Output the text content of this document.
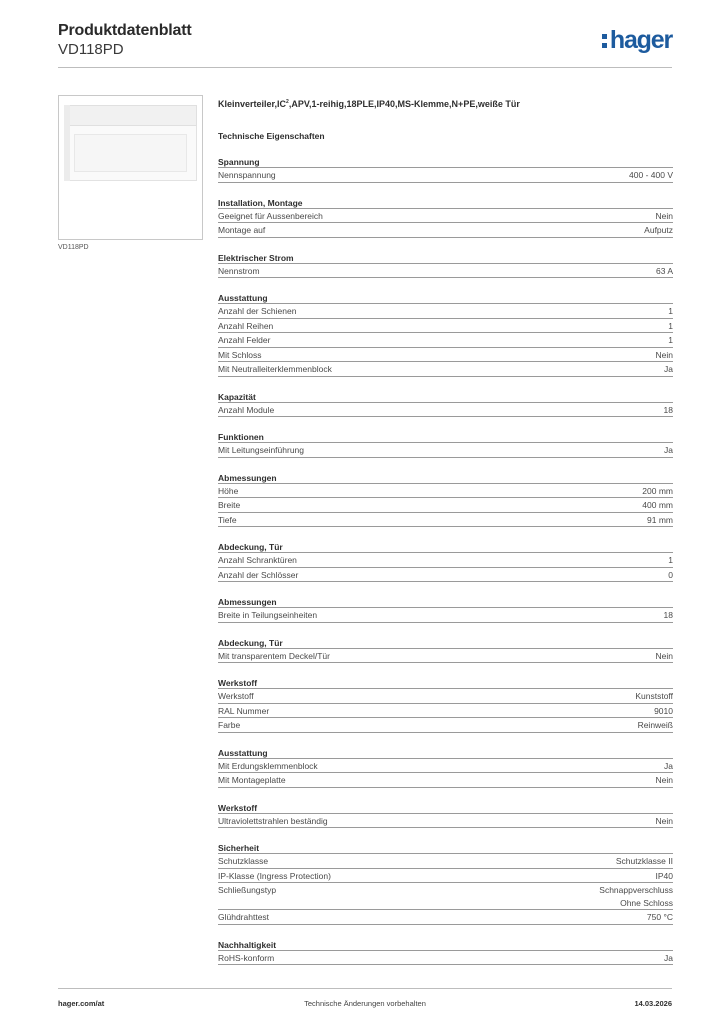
Produktdatenblatt
VD118PD	hager
VD118PD
$Kleinverteiler,IC^2,APV,1-reihig,18PLE,IP40,MS-Klemme,N+PE,weiße$ Tür
Technische Eigenschaften
Spannung
Nennspannung	400 - 400 V
Installation, Montage
Geeignet für Aussenbereich	Nein
Montage auf	Aufputz
Elektrischer Strom
Nennstrom	63 A
Ausstattung
Anzahl der Schienen	1
Anzahl Reihen	1
Anzahl Felder	1
Mit Schloss	Nein
Mit Neutralleiterklemmenblock	Ja
Kapazität
Anzahl Module	18
Funktionen
Mit Leitungseinführung	Ja
Abmessungen
Höhe	200 mm
Breite	400 mm
Tiefe	91 mm
Abdeckung, Tür
Anzahl Schranktüren	1
Anzahl der Schlösser	0
Abmessungen
Breite in Teilungseinheiten	18
Abdeckung, Tür
Mit transparentem Deckel/Tür	Nein
Werkstoff
Werkstoff	Kunststoff
RAL Nummer	9010
Farbe	Reinweiß
Ausstattung
Mit Erdungsklemmenblock	Ja
Mit Montageplatte	Nein
Werkstoff
Ultraviolettstrahlen beständig	Nein
Sicherheit
Schutzklasse	Schutzklasse II
IP-Klasse (Ingress Protection)	IP40
Schließungstyp	Schnappverschluss
Ohne Schloss
Glühdrahttest	750 °C
Nachhaltigkeit
RoHS-konform	Ja
hager.com/at	Technische Änderungen vorbehalten	14.03.2026
